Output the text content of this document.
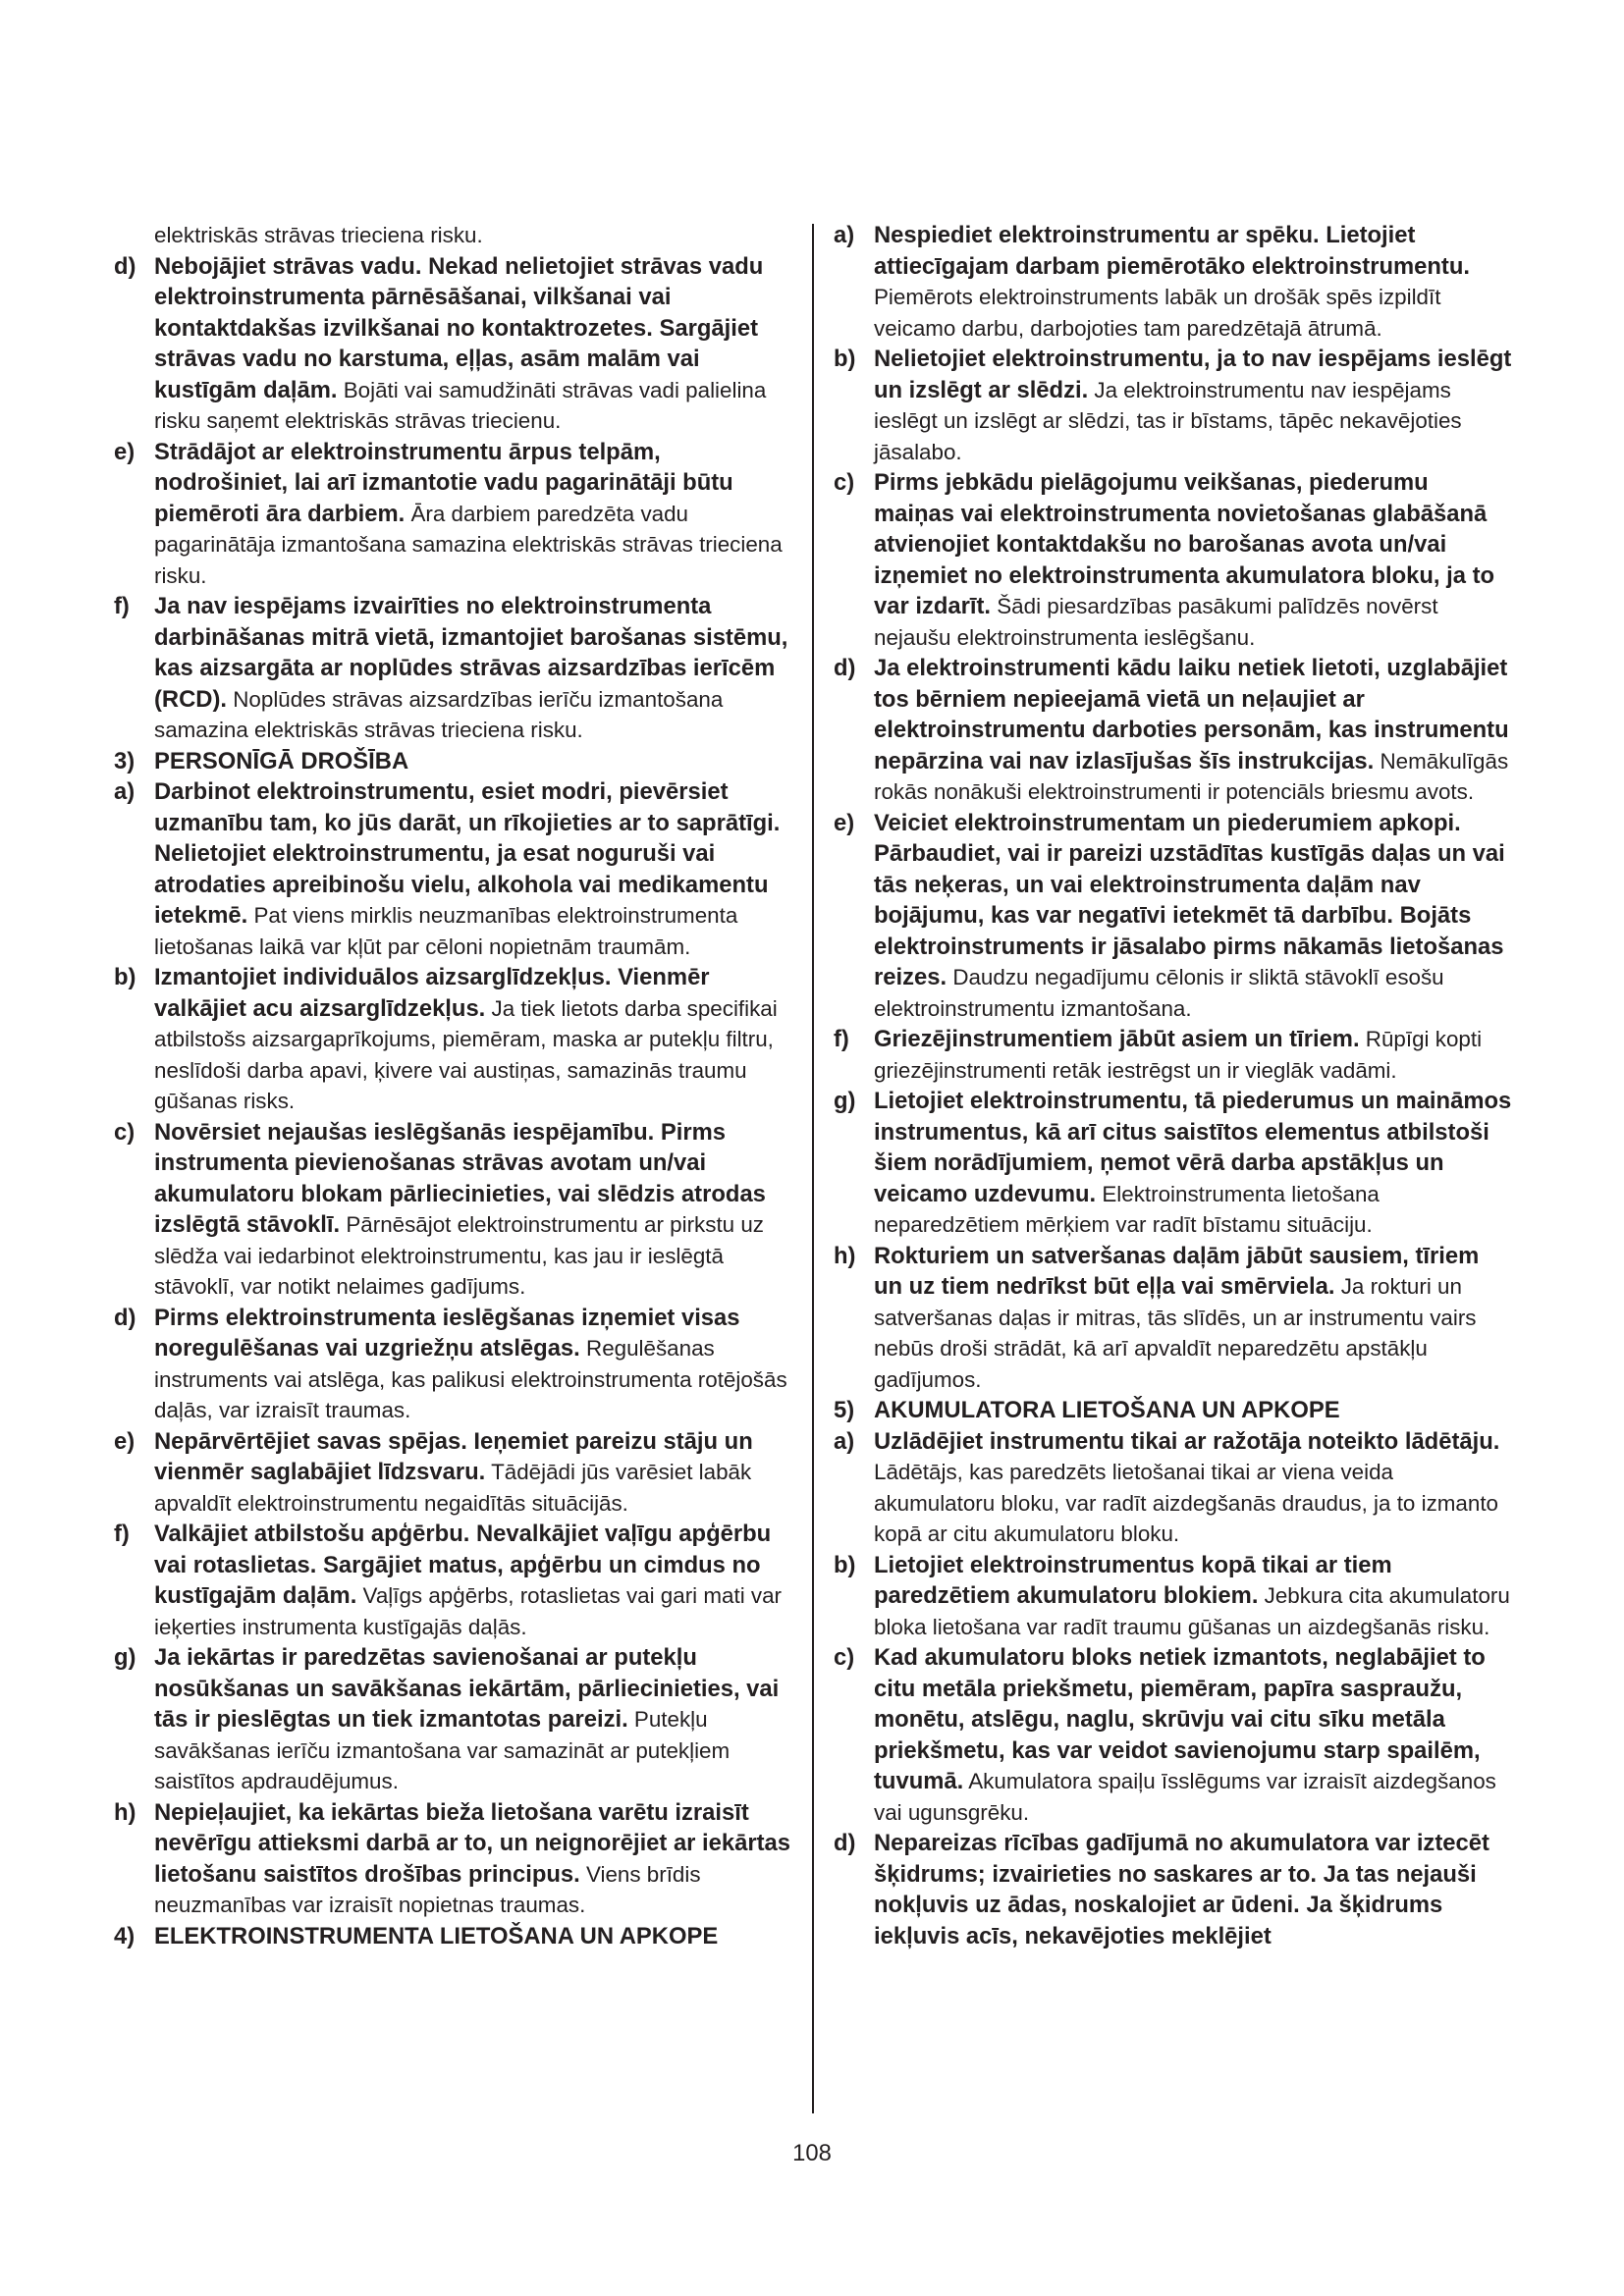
elektriskās strāvas trieciena risku.

d) Nebojājiet strāvas vadu. Nekad nelietojiet strāvas vadu elektroinstrumenta pārnēsāšanai, vilkšanai vai kontaktdakšas izvilkšanai no kontaktrozetes. Sargājiet strāvas vadu no karstuma, eļļas, asām malām vai kustīgām daļām. Bojāti vai samudžināti strāvas vadi palielina risku saņemt elektriskās strāvas triecienu.

e) Strādājot ar elektroinstrumentu ārpus telpām, nodrošiniet, lai arī izmantotie vadu pagarinātāji būtu piemēroti āra darbiem. Āra darbiem paredzēta vadu pagarinātāja izmantošana samazina elektriskās strāvas trieciena risku.

f) Ja nav iespējams izvairīties no elektroinstrumenta darbināšanas mitrā vietā, izmantojiet barošanas sistēmu, kas aizsargāta ar noplūdes strāvas aizsardzības ierīcēm (RCD). Noplūdes strāvas aizsardzības ierīču izmantošana samazina elektriskās strāvas trieciena risku.

3) PERSONĪGĀ DROŠĪBA

a) Darbinot elektroinstrumentu, esiet modri, pievērsiet uzmanību tam, ko jūs darāt, un rīkojieties ar to saprātīgi. Nelietojiet elektroinstrumentu, ja esat noguruši vai atrodaties apreibinošu vielu, alkohola vai medikamentu ietekmē. Pat viens mirklis neuzmanības elektroinstrumenta lietošanas laikā var kļūt par cēloni nopietnām traumām.

b) Izmantojiet individuālos aizsarglīdzekļus. Vienmēr valkājiet acu aizsarglīdzekļus. Ja tiek lietots darba specifikai atbilstošs aizsargaprīkojums, piemēram, maska ar putekļu filtru, neslīdoši darba apavi, ķivere vai austiņas, samazinās traumu gūšanas risks.

c) Novērsiet nejaušas ieslēgšanās iespējamību. Pirms instrumenta pievienošanas strāvas avotam un/vai akumulatoru blokam pārliecinieties, vai slēdzis atrodas izslēgtā stāvoklī. Pārnēsājot elektroinstrumentu ar pirkstu uz slēdža vai iedarbinot elektroinstrumentu, kas jau ir ieslēgtā stāvoklī, var notikt nelaimes gadījums.

d) Pirms elektroinstrumenta ieslēgšanas izņemiet visas noregulēšanas vai uzgriežņu atslēgas. Regulēšanas instruments vai atslēga, kas palikusi elektroinstrumenta rotējošās daļās, var izraisīt traumas.

e) Nepārvērtējiet savas spējas. Ieņemiet pareizu stāju un vienmēr saglabājiet līdzsvaru. Tādējādi jūs varēsiet labāk apvaldīt elektroinstrumentu negaidītās situācijās.

f) Valkājiet atbilstošu apģērbu. Nevalkājiet vaļīgu apģērbu vai rotaslietas. Sargājiet matus, apģērbu un cimdus no kustīgajām daļām. Vaļīgs apģērbs, rotaslietas vai gari mati var ieķerties instrumenta kustīgajās daļās.

g) Ja iekārtas ir paredzētas savienošanai ar putekļu nosūkšanas un savākšanas iekārtām, pārliecinieties, vai tās ir pieslēgtas un tiek izmantotas pareizi. Putekļu savākšanas ierīču izmantošana var samazināt ar putekļiem saistītos apdraudējumus.

h) Nepieļaujiet, ka iekārtas bieža lietošana varētu izraisīt nevērīgu attieksmi darbā ar to, un neignorējiet ar iekārtas lietošanu saistītos drošības principus. Viens brīdis neuzmanības var izraisīt nopietnas traumas.

4) ELEKTROINSTRUMENTA LIETOŠANA UN APKOPE

a) Nespiediet elektroinstrumentu ar spēku. Lietojiet attiecīgajam darbam piemērotāko elektroinstrumentu. Piemērots elektroinstruments labāk un drošāk spēs izpildīt veicamo darbu, darbojoties tam paredzētajā ātrumā.

b) Nelietojiet elektroinstrumentu, ja to nav iespējams ieslēgt un izslēgt ar slēdzi. Ja elektroinstrumentu nav iespējams ieslēgt un izslēgt ar slēdzi, tas ir bīstams, tāpēc nekavējoties jāsalabo.

c) Pirms jebkādu pielāgojumu veikšanas, piederumu maiņas vai elektroinstrumenta novietošanas glabāšanā atvienojiet kontaktdakšu no barošanas avota un/vai izņemiet no elektroinstrumenta akumulatora bloku, ja to var izdarīt. Šādi piesardzības pasākumi palīdzēs novērst nejaušu elektroinstrumenta ieslēgšanu.

d) Ja elektroinstrumenti kādu laiku netiek lietoti, uzglabājiet tos bērniem nepieejamā vietā un neļaujiet ar elektroinstrumentu darboties personām, kas instrumentu nepārzina vai nav izlasījušas šīs instrukcijas. Nemākulīgās rokās nonākuši elektroinstrumenti ir potenciāls briesmu avots.

e) Veiciet elektroinstrumentam un piederumiem apkopi. Pārbaudiet, vai ir pareizi uzstādītas kustīgās daļas un vai tās neķeras, un vai elektroinstrumenta daļām nav bojājumu, kas var negatīvi ietekmēt tā darbību. Bojāts elektroinstruments ir jāsalabo pirms nākamās lietošanas reizes. Daudzu negadījumu cēlonis ir sliktā stāvoklī esošu elektroinstrumentu izmantošana.

f) Griezējinstrumentiem jābūt asiem un tīriem. Rūpīgi kopti griezējinstrumenti retāk iestrēgst un ir vieglāk vadāmi.

g) Lietojiet elektroinstrumentu, tā piederumus un maināmos instrumentus, kā arī citus saistītos elementus atbilstoši šiem norādījumiem, ņemot vērā darba apstākļus un veicamo uzdevumu. Elektroinstrumenta lietošana neparedzētiem mērķiem var radīt bīstamu situāciju.

h) Rokturiem un satveršanas daļām jābūt sausiem, tīriem un uz tiem nedrīkst būt eļļa vai smērviela. Ja rokturi un satveršanas daļas ir mitras, tās slīdēs, un ar instrumentu vairs nebūs droši strādāt, kā arī apvaldīt neparedzētu apstākļu gadījumos.

5) AKUMULATORA LIETOŠANA UN APKOPE

a) Uzlādējiet instrumentu tikai ar ražotāja noteikto lādētāju. Lādētājs, kas paredzēts lietošanai tikai ar viena veida akumulatoru bloku, var radīt aizdegšanās draudus, ja to izmanto kopā ar citu akumulatoru bloku.

b) Lietojiet elektroinstrumentus kopā tikai ar tiem paredzētiem akumulatoru blokiem. Jebkura cita akumulatoru bloka lietošana var radīt traumu gūšanas un aizdegšanās risku.

c) Kad akumulatoru bloks netiek izmantots, neglabājiet to citu metāla priekšmetu, piemēram, papīra saspraužu, monētu, atslēgu, naglu, skrūvju vai citu sīku metāla priekšmetu, kas var veidot savienojumu starp spailēm, tuvumā. Akumulatora spaiļu īsslēgums var izraisīt aizdegšanos vai ugunsgrēku.

d) Nepareizas rīcības gadījumā no akumulatora var iztecēt šķidrums; izvairieties no saskares ar to. Ja tas nejauši nokļuvis uz ādas, noskalojiet ar ūdeni. Ja šķidrums iekļuvis acīs, nekavējoties meklējiet

108
